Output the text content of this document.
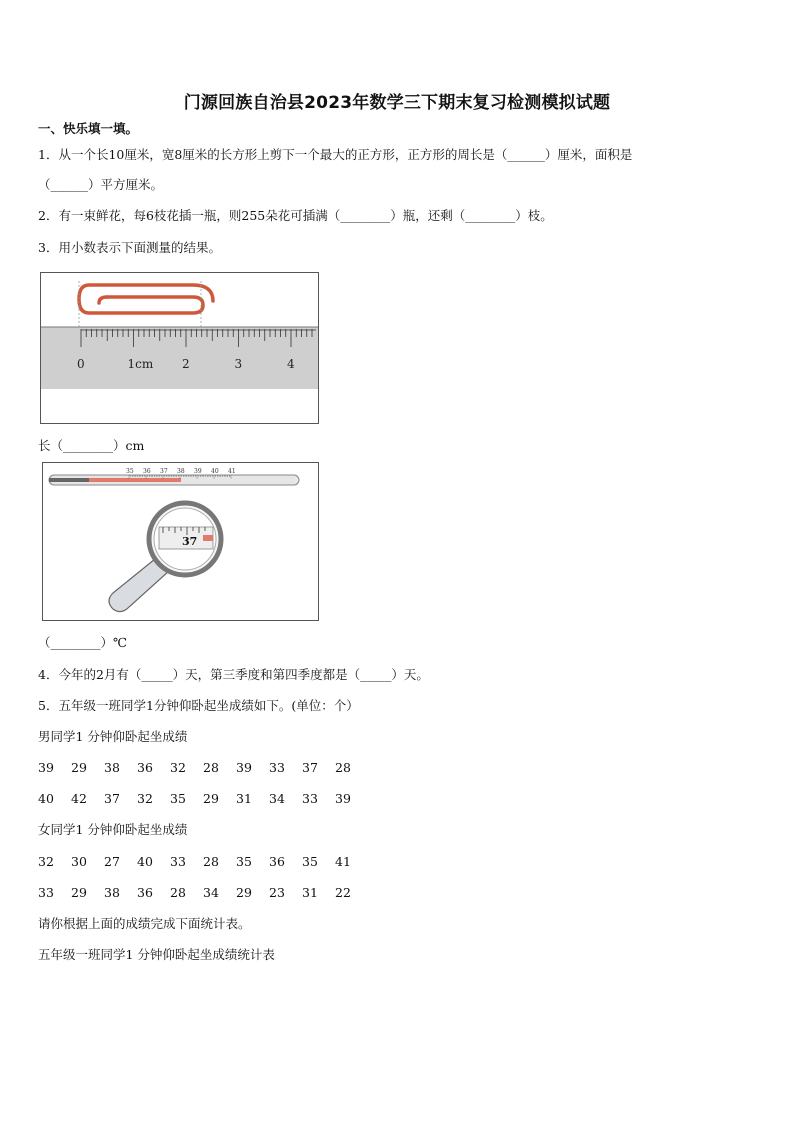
门源回族自治县2023年数学三下期末复习检测模拟试题
一、快乐填一填。
1．从一个长10厘米，宽8厘米的长方形上剪下一个最大的正方形，正方形的周长是（______）厘米，面积是
（______）平方厘米。
2．有一束鲜花，每6枝花插一瓶，则255朵花可插满（________）瓶，还剩（________）枝。
3．用小数表示下面测量的结果。
0	1cm 2	3	4
长（________）cm
35 36 37 38 39 40 41
37
（________）℃
4．今年的2月有（_____）天，第三季度和第四季度都是（_____）天。
5．五年级一班同学1分钟仰卧起坐成绩如下。(单位：个）
男同学1 分钟仰卧起坐成绩
39 29 38 36 32 28 39 33 37 28
40 42 37 32 35 29 31 34 33 39
女同学1 分钟仰卧起坐成绩
32 30 27 40 33 28 35 36 35 41
33 29 38 36 28 34 29 23 31 22
请你根据上面的成绩完成下面统计表。
五年级一班同学1 分钟仰卧起坐成绩统计表
